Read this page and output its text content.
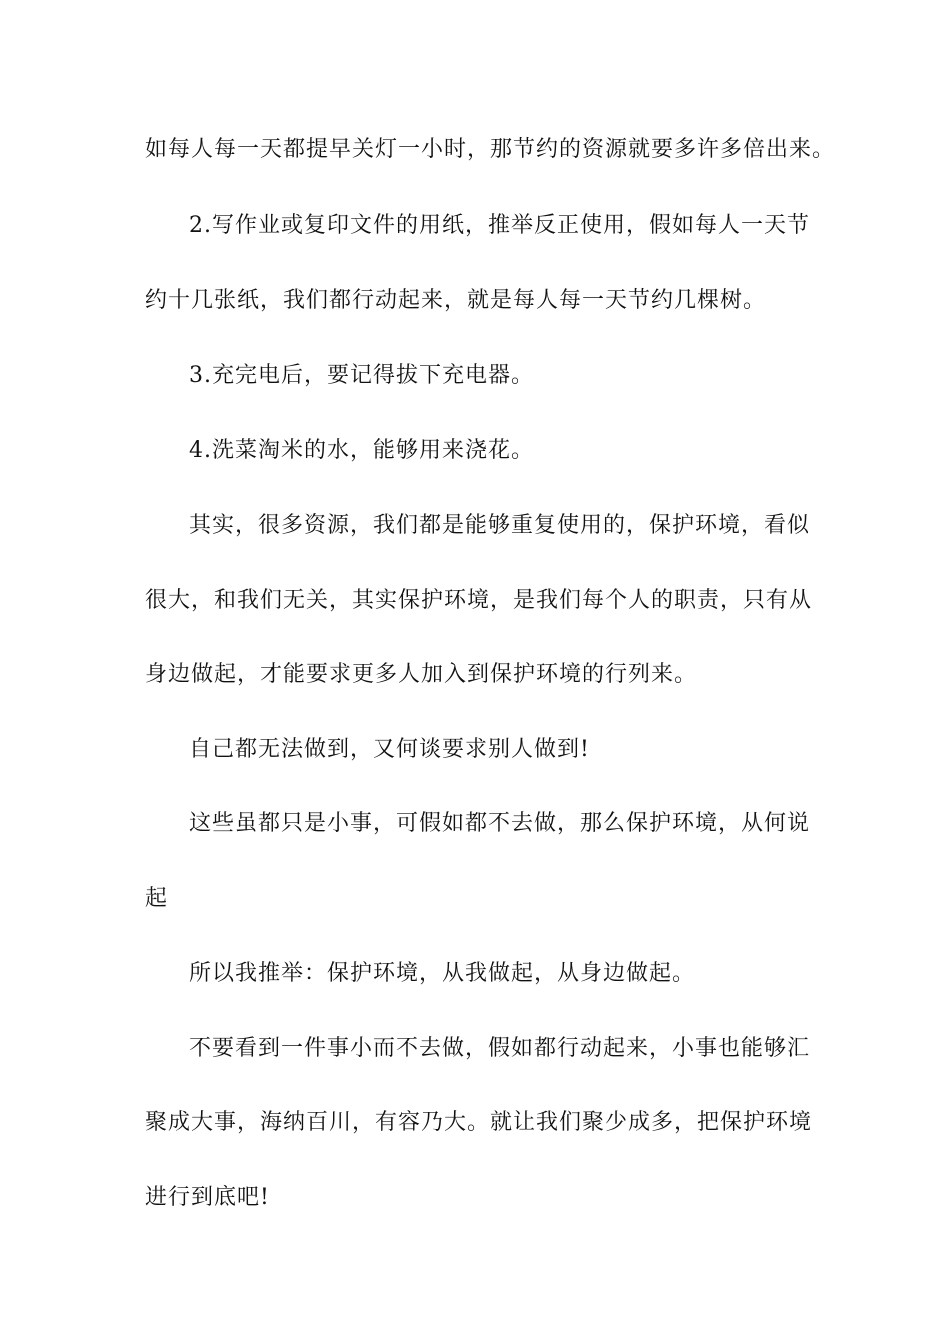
如每人每一天都提早关灯一小时，那节约的资源就要多许多倍出来。
2.写作业或复印文件的用纸，推举反正使用，假如每人一天节
约十几张纸，我们都行动起来，就是每人每一天节约几棵树。
3.充完电后，要记得拔下充电器。
4.洗菜淘米的水，能够用来浇花。
其实，很多资源，我们都是能够重复使用的，保护环境，看似
很大，和我们无关，其实保护环境，是我们每个人的职责，只有从
身边做起，才能要求更多人加入到保护环境的行列来。
自己都无法做到，又何谈要求别人做到!
这些虽都只是小事，可假如都不去做，那么保护环境，从何说
起
所以我推举：保护环境，从我做起，从身边做起。
不要看到一件事小而不去做，假如都行动起来，小事也能够汇
聚成大事，海纳百川，有容乃大。就让我们聚少成多，把保护环境
进行到底吧!
